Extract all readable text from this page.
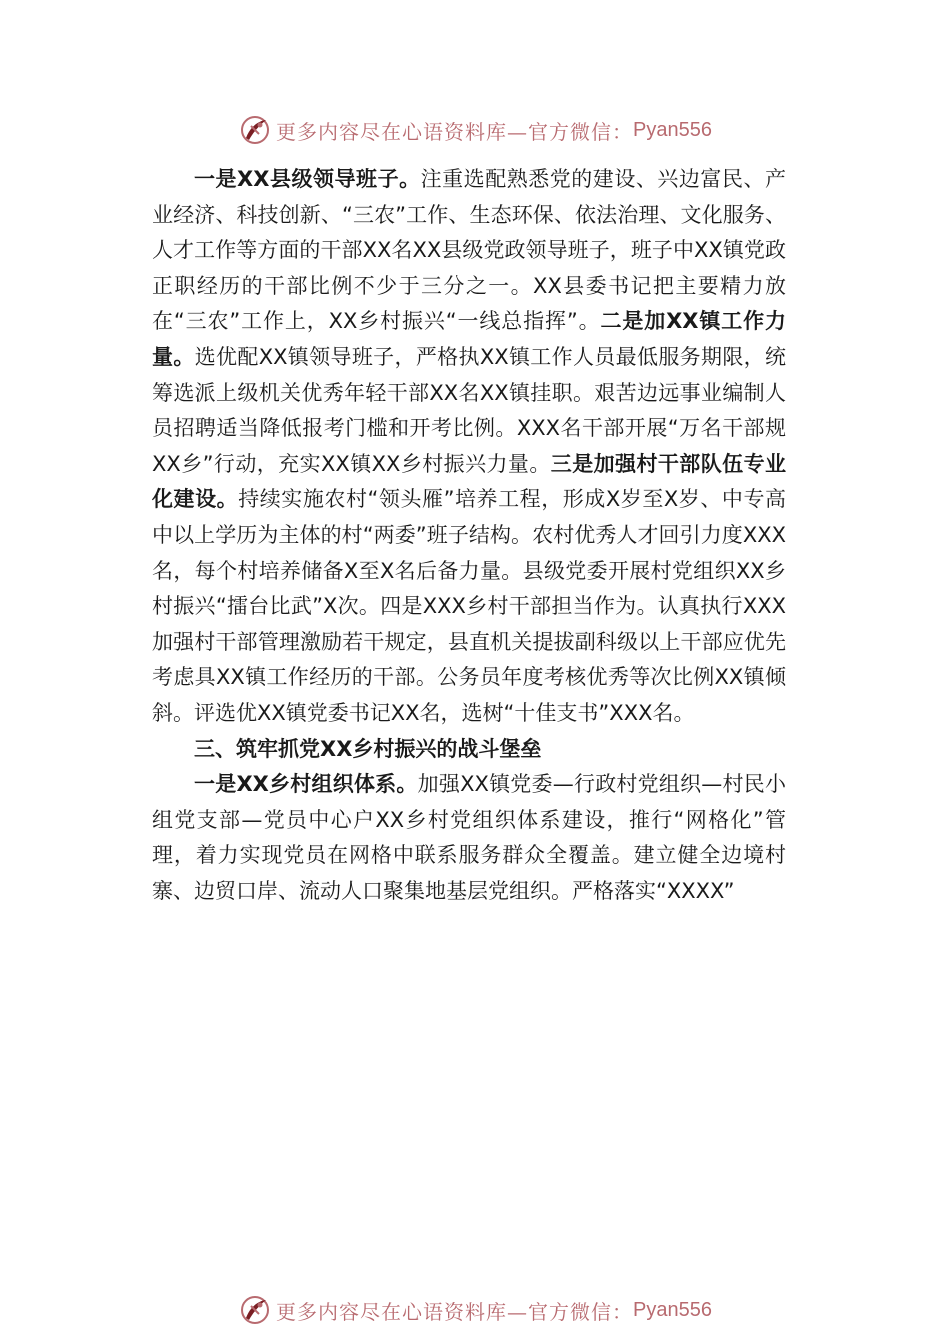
更多内容尽在心语资料库—官方微信： Pyan556

一是XX县级领导班子。注重选配熟悉党的建设、兴边富民、产业经济、科技创新、“三农”工作、生态环保、依法治理、文化服务、人才工作等方面的干部XX名XX县级党政领导班子，班子中XX镇党政正职经历的干部比例不少于三分之一。XX县委书记把主要精力放在“三农”工作上，XX乡村振兴“一线总指挥”。二是加XX镇工作力量。选优配XX镇领导班子，严格执XX镇工作人员最低服务期限，统筹选派上级机关优秀年轻干部XX名XX镇挂职。艰苦边远事业编制人员招聘适当降低报考门槛和开考比例。XXX名干部开展“万名干部规XX乡”行动，充实XX镇XX乡村振兴力量。三是加强村干部队伍专业化建设。持续实施农村“领头雁”培养工程，形成X岁至X岁、中专高中以上学历为主体的村“两委”班子结构。农村优秀人才回引力度XXX名，每个村培养储备X至X名后备力量。县级党委开展村党组织XX乡村振兴“擂台比武”X次。四是XXX乡村干部担当作为。认真执行XXX加强村干部管理激励若干规定，县直机关提拔副科级以上干部应优先考虑具XX镇工作经历的干部。公务员年度考核优秀等次比例XX镇倾斜。评选优XX镇党委书记XX名，选树“十佳支书”XXX名。

三、筑牢抓党XX乡村振兴的战斗堡垒

一是XX乡村组织体系。加强XX镇党委—行政村党组织—村民小组党支部—党员中心户XX乡村党组织体系建设，推行“网格化”管理，着力实现党员在网格中联系服务群众全覆盖。建立健全边境村寨、边贸口岸、流动人口聚集地基层党组织。严格落实“XXXX”

更多内容尽在心语资料库—官方微信： Pyan556
